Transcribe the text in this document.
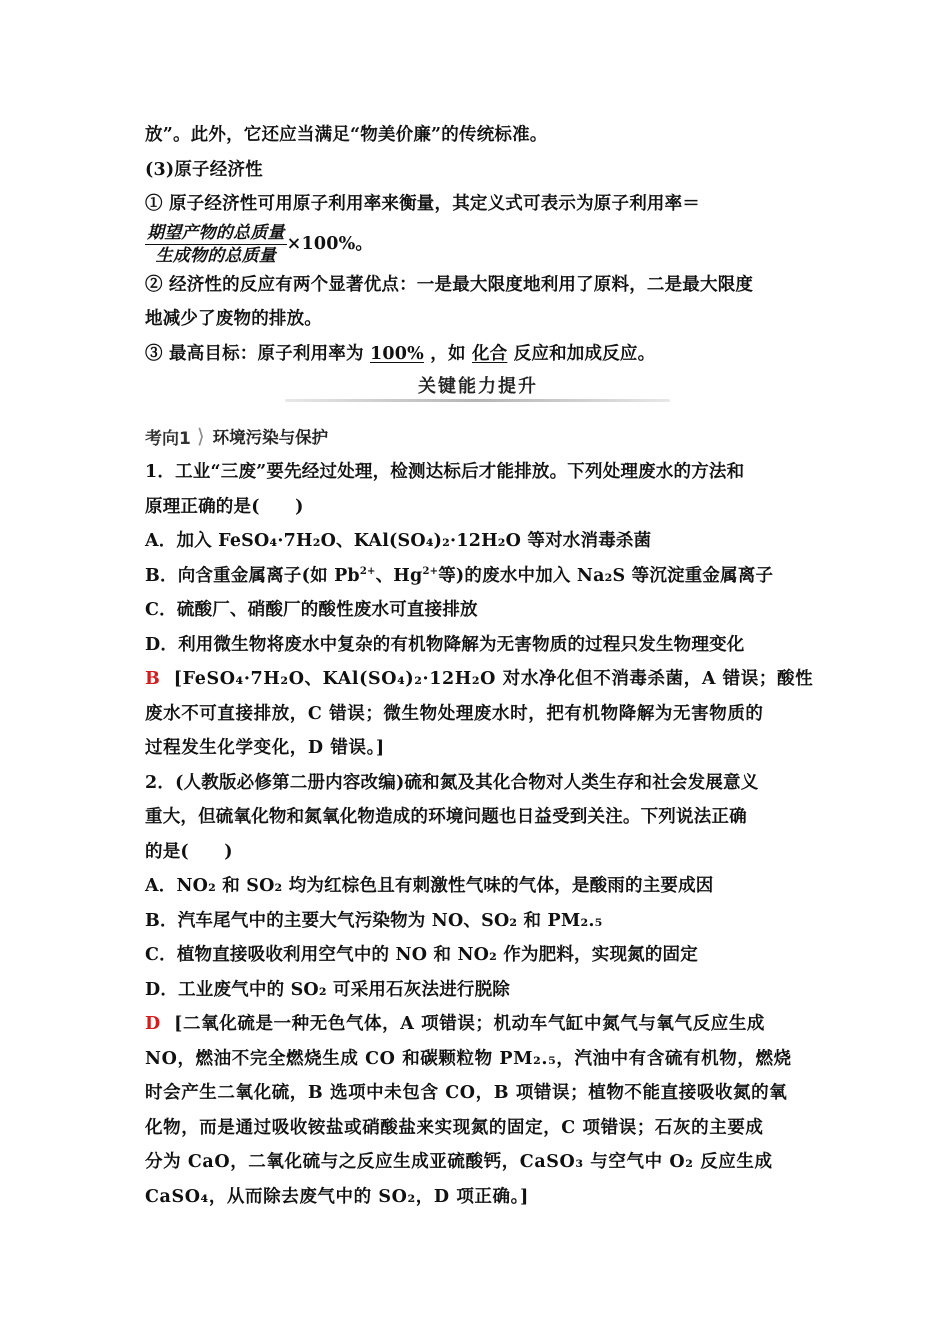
放”。此外，它还应当满足“物美价廉”的传统标准。
(3)原子经济性
① 原子经济性可用原子利用率来衡量，其定义式可表示为原子利用率＝
$\frac{\text{期望产物的总质量}}{\text{生成物的总质量}} \times 100\%$。
② 经济性的反应有两个显著优点：一是最大限度地利用了原料，二是最大限度
地减少了废物的排放。
③ 最高目标：原子利用率为 100% ，如 化合 反应和加成反应。
关键能力提升
考向1 ⟩ 环境污染与保护
1．工业“三废”要先经过处理，检测达标后才能排放。下列处理废水的方法和
原理正确的是(　　)
A．加入 FeSO₄·7H₂O、KAl(SO₄)₂·12H₂O 等对水消毒杀菌
B．向含重金属离子(如 $Pb^{2+}$、$Hg^{2+}$等)的废水中加入 Na₂S 等沉淀重金属离子
C．硫酸厂、硝酸厂的酸性废水可直接排放
D．利用微生物将废水中复杂的有机物降解为无害物质的过程只发生物理变化
B [FeSO₄·7H₂O、KAl(SO₄)₂·12H₂O 对水净化但不消毒杀菌，A 错误；酸性
废水不可直接排放，C 错误；微生物处理废水时，把有机物降解为无害物质的
过程发生化学变化，D 错误。]
2．(人教版必修第二册内容改编)硫和氮及其化合物对人类生存和社会发展意义
重大，但硫氧化物和氮氧化物造成的环境问题也日益受到关注。下列说法正确
的是(　　)
A．NO₂ 和 SO₂ 均为红棕色且有刺激性气味的气体，是酸雨的主要成因
B．汽车尾气中的主要大气污染物为 NO、SO₂ 和 PM₂.₅
C．植物直接吸收利用空气中的 NO 和 NO₂ 作为肥料，实现氮的固定
D．工业废气中的 SO₂ 可采用石灰法进行脱除
D [二氧化硫是一种无色气体，A 项错误；机动车气缸中氮气与氧气反应生成
NO，燃油不完全燃烧生成 CO 和碳颗粒物 PM₂.₅，汽油中有含硫有机物，燃烧
时会产生二氧化硫，B 选项中未包含 CO，B 项错误；植物不能直接吸收氮的氧
化物，而是通过吸收铵盐或硝酸盐来实现氮的固定，C 项错误；石灰的主要成
分为 CaO，二氧化硫与之反应生成亚硫酸钙，CaSO₃ 与空气中 O₂ 反应生成
CaSO₄，从而除去废气中的 SO₂，D 项正确。]
